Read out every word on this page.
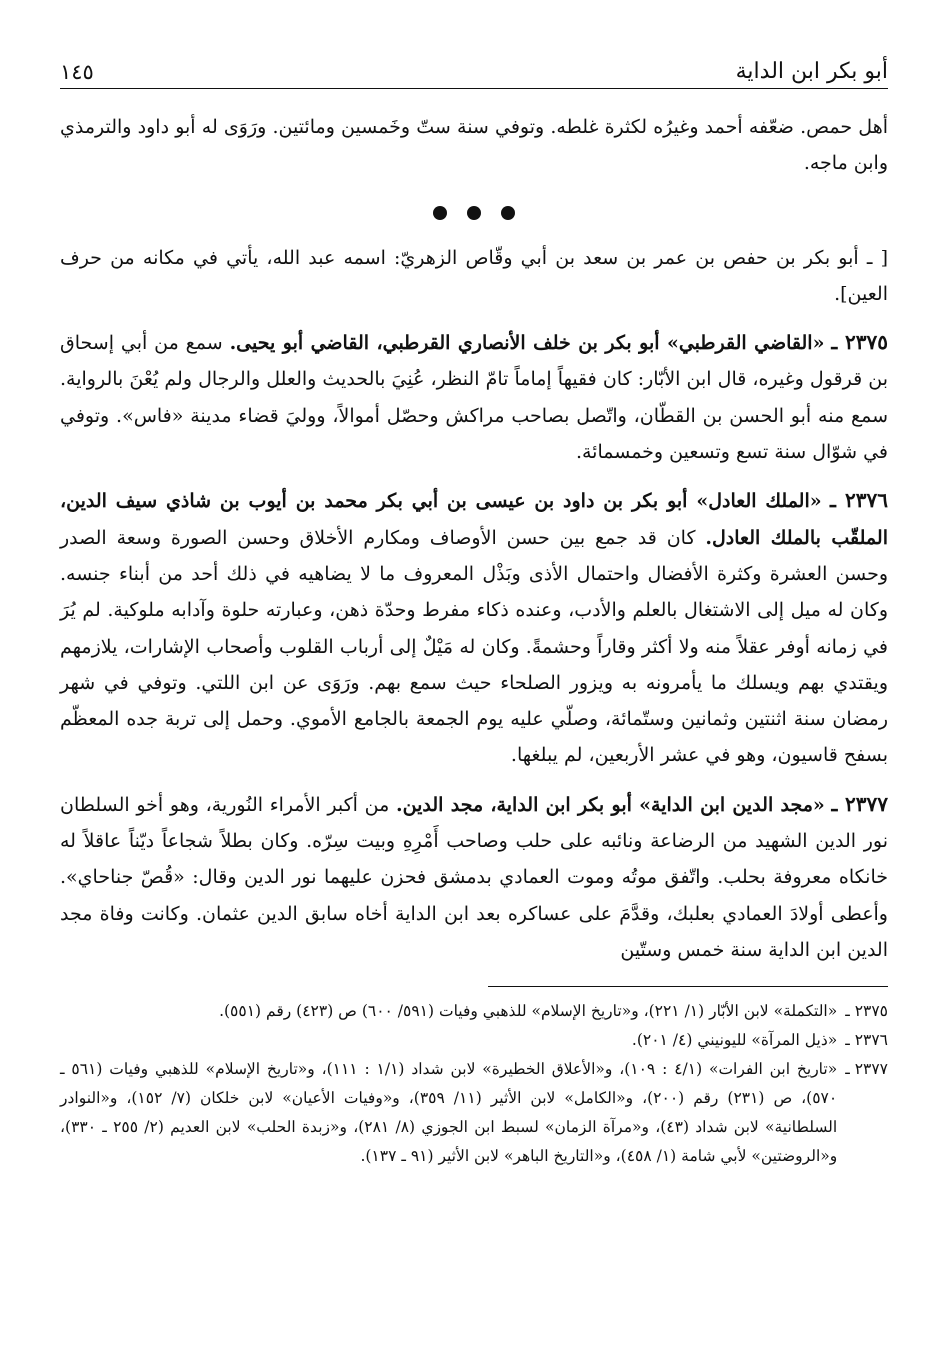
أبو بكر ابن الداية
١٤٥

أهل حمص. ضعّفه أحمد وغيرُه لكثرة غلطه. وتوفي سنة ستّ وخَمسين ومائتين. ورَوَى له أبو داود والترمذي وابن ماجه.

[ ـ أبو بكر بن حفص بن عمر بن سعد بن أبي وقّاص الزهريّ: اسمه عبد الله، يأتي في مكانه من حرف العين].

٢٣٧٥ ـ «القاضي القرطبي» أبو بكر بن خلف الأنصاري القرطبي، القاضي أبو يحيى. سمع من أبي إسحاق بن قرقول وغيره، قال ابن الأبّار: كان فقيهاً إماماً تامّ النظر، عُنِيَ بالحديث والعلل والرجال ولم يُعْنَ بالرواية. سمع منه أبو الحسن بن القطّان، واتّصل بصاحب مراكش وحصّل أموالاً، ووليَ قضاء مدينة «فاس». وتوفي في شوّال سنة تسع وتسعين وخمسمائة.

٢٣٧٦ ـ «الملك العادل» أبو بكر بن داود بن عيسى بن أبي بكر محمد بن أيوب بن شاذي سيف الدين، الملقّب بالملك العادل. كان قد جمع بين حسن الأوصاف ومكارم الأخلاق وحسن الصورة وسعة الصدر وحسن العشرة وكثرة الأفضال واحتمال الأذى وبَذْل المعروف ما لا يضاهيه في ذلك أحد من أبناء جنسه. وكان له ميل إلى الاشتغال بالعلم والأدب، وعنده ذكاء مفرط وحدّة ذهن، وعبارته حلوة وآدابه ملوكية. لم يُرَ في زمانه أوفر عقلاً منه ولا أكثر وقاراً وحشمةً. وكان له مَيْلٌ إلى أرباب القلوب وأصحاب الإشارات، يلازمهم ويقتدي بهم ويسلك ما يأمرونه به ويزور الصلحاء حيث سمع بهم. ورَوَى عن ابن اللتي. وتوفي في شهر رمضان سنة اثنتين وثمانين وستّمائة، وصلّي عليه يوم الجمعة بالجامع الأموي. وحمل إلى تربة جده المعظّم بسفح قاسيون، وهو في عشر الأربعين، لم يبلغها.

٢٣٧٧ ـ «مجد الدين ابن الداية» أبو بكر ابن الداية، مجد الدين. من أكبر الأمراء النُورية، وهو أخو السلطان نور الدين الشهيد من الرضاعة ونائبه على حلب وصاحب أَمْرِهِ وبيت سِرّه. وكان بطلاً شجاعاً ديّناً عاقلاً له خانكاه معروفة بحلب. واتّفق موتُه وموت العمادي بدمشق فحزن عليهما نور الدين وقال: «قُصّ جناحاي». وأعطى أولادَ العمادي بعلبك، وقدَّمَ على عساكره بعد ابن الداية أخاه سابق الدين عثمان. وكانت وفاة مجد الدين ابن الداية سنة خمس وستّين

٢٣٧٥ ـ
«التكملة» لابن الأبّار (١/ ٢٢١)، و«تاريخ الإسلام» للذهبي وفيات (٥٩١/ ٦٠٠) ص (٤٢٣) رقم (٥٥١).

٢٣٧٦ ـ
«ذيل المرآة» لليونيني (٤/ ٢٠١).

٢٣٧٧ ـ
«تاريخ ابن الفرات» (٤/١ : ١٠٩)، و«الأعلاق الخطيرة» لابن شداد (١/١ : ١١١)، و«تاريخ الإسلام» للذهبي وفيات (٥٦١ ـ ٥٧٠)، ص (٢٣١) رقم (٢٠٠)، و«الكامل» لابن الأثير (١١/ ٣٥٩)، و«وفيات الأعيان» لابن خلكان (٧/ ١٥٢)، و«النوادر السلطانية» لابن شداد (٤٣)، و«مرآة الزمان» لسبط ابن الجوزي (٨/ ٢٨١)، و«زبدة الحلب» لابن العديم (٢/ ٢٥٥ ـ ٣٣٠)، و«الروضتين» لأبي شامة (١/ ٤٥٨)، و«التاريخ الباهر» لابن الأثير (٩١ ـ ١٣٧).
